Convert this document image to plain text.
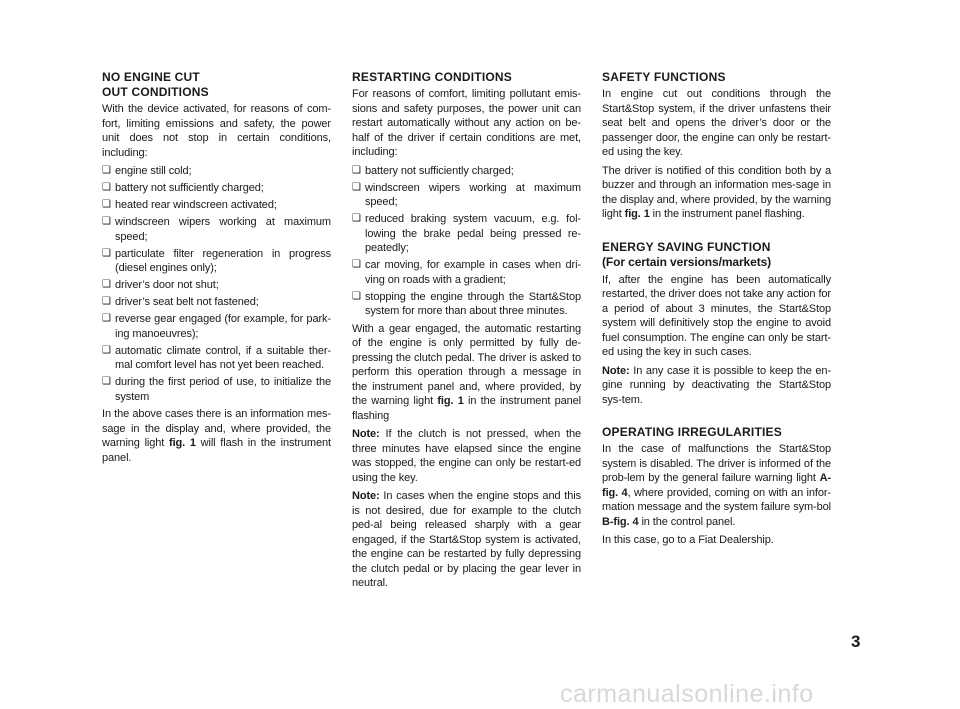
NO ENGINE CUT
OUT CONDITIONS

With the device activated, for reasons of com-fort, limiting emissions and safety, the power unit does not stop in certain conditions, including:

❑ engine still cold;
❑ battery not sufficiently charged;
❑ heated rear windscreen activated;
❑ windscreen wipers working at maximum speed;
❑ particulate filter regeneration in progress (diesel engines only);
❑ driver’s door not shut;
❑ driver’s seat belt not fastened;
❑ reverse gear engaged (for example, for park-ing manoeuvres);
❑ automatic climate control, if a suitable ther-mal comfort level has not yet been reached.
❑ during the first period of use, to initialize the system

In the above cases there is an information mes-sage in the display and, where provided, the warning light fig. 1 will flash in the instrument panel.

RESTARTING CONDITIONS

For reasons of comfort, limiting pollutant emis-sions and safety purposes, the power unit can restart automatically without any action on be-half of the driver if certain conditions are met, including:

❑ battery not sufficiently charged;
❑ windscreen wipers working at maximum speed;
❑ reduced braking system vacuum, e.g. fol-lowing the brake pedal being pressed re-peatedly;
❑ car moving, for example in cases when dri-ving on roads with a gradient;
❑ stopping the engine through the Start&Stop system for more than about three minutes.

With a gear engaged, the automatic restarting of the engine is only permitted by fully de-pressing the clutch pedal. The driver is asked to perform this operation through a message in the instrument panel and, where provided, by the warning light fig. 1 in the instrument panel flashing

Note: If the clutch is not pressed, when the three minutes have elapsed since the engine was stopped, the engine can only be restart-ed using the key.

Note: In cases when the engine stops and this is not desired, due for example to the clutch ped-al being released sharply with a gear engaged, if the Start&Stop system is activated, the engine can be restarted by fully depressing the clutch pedal or by placing the gear lever in neutral.

SAFETY FUNCTIONS

In engine cut out conditions through the Start&Stop system, if the driver unfastens their seat belt and opens the driver’s door or the passenger door, the engine can only be restart-ed using the key.

The driver is notified of this condition both by a buzzer and through an information mes-sage in the display and, where provided, by the warning light fig. 1 in the instrument panel flashing.

ENERGY SAVING FUNCTION
(For certain versions/markets)

If, after the engine has been automatically restarted, the driver does not take any action for a period of about 3 minutes, the Start&Stop system will definitively stop the engine to avoid fuel consumption. The engine can only be start-ed using the key in such cases.

Note: In any case it is possible to keep the en-gine running by deactivating the Start&Stop sys-tem.

OPERATING IRREGULARITIES

In the case of malfunctions the Start&Stop system is disabled. The driver is informed of the prob-lem by the general failure warning light A-fig. 4, where provided, coming on with an infor-mation message and the system failure sym-bol B-fig. 4 in the control panel.

In this case, go to a Fiat Dealership.

3
carmanualsonline.info
